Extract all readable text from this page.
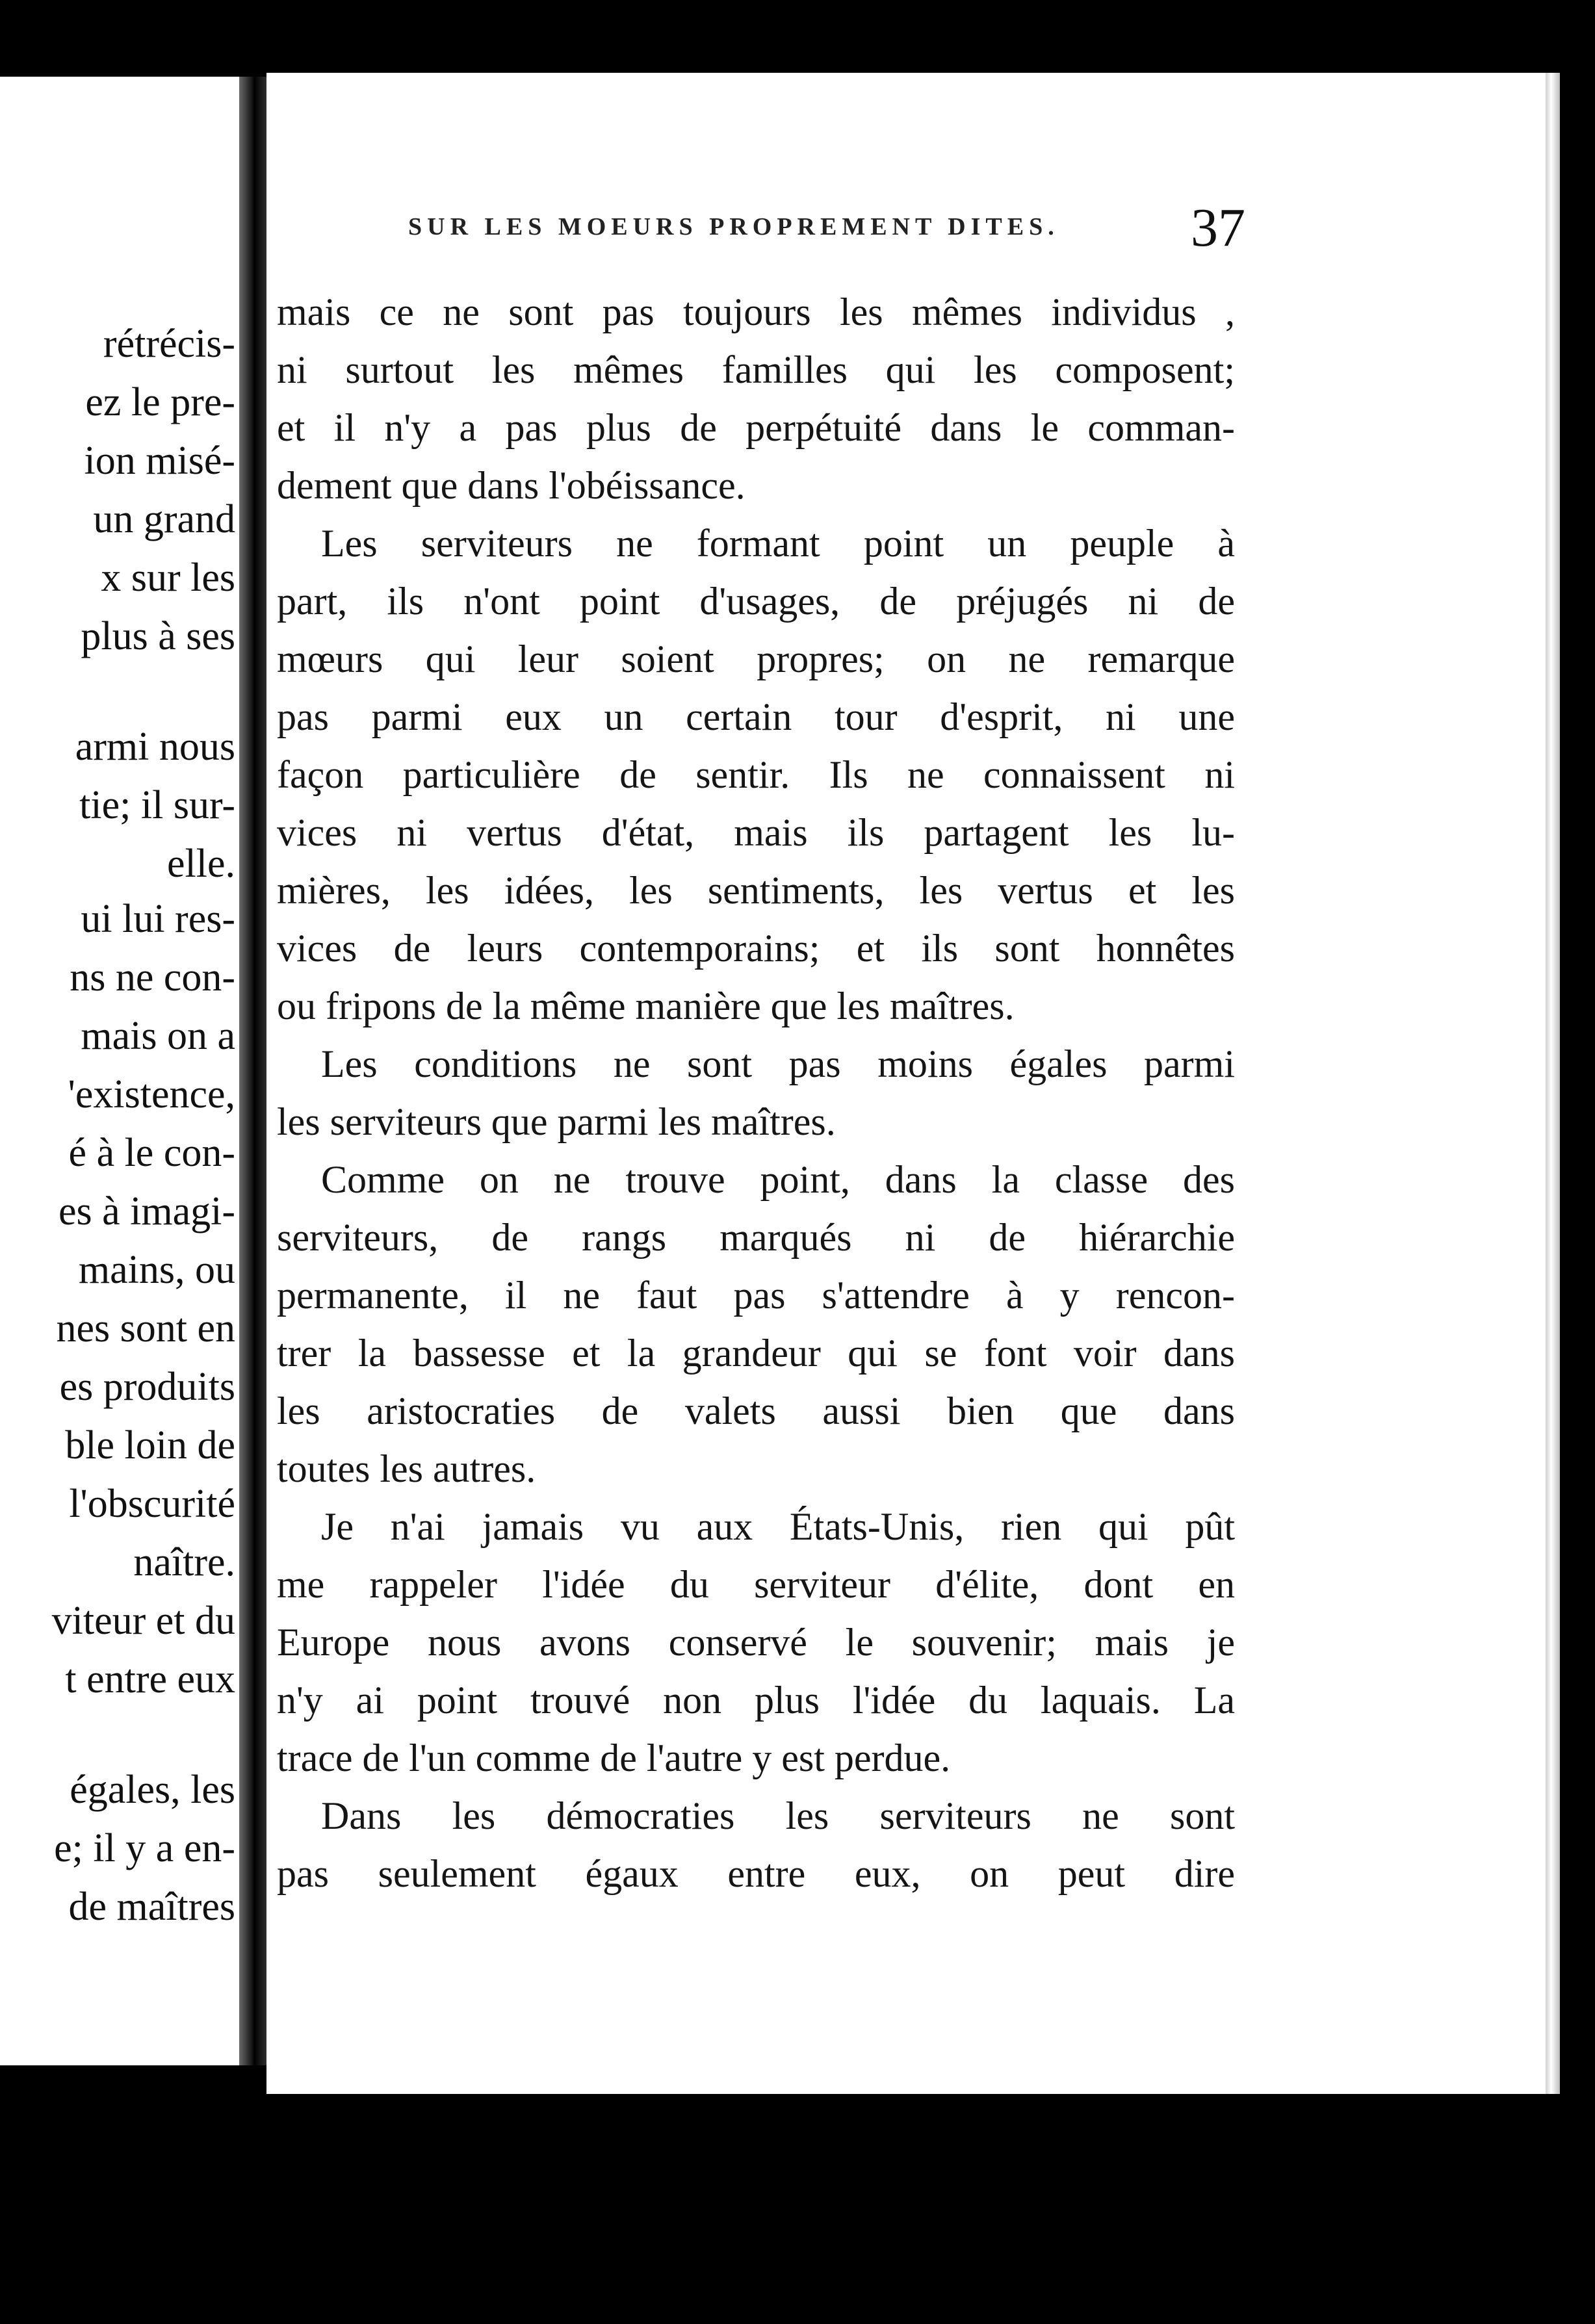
rétrécis-
ez le pre-
ion misé-
un grand
x sur les
plus à ses
armi nous
tie; il sur-
elle.
ui lui res-
ns ne con-
mais on a
'existence,
é à le con-
es à imagi-
mains, ou
nes sont en
es produits
ble loin de
l'obscurité
naître.
viteur et du
t entre eux
égales, les
e; il y a en-
de maîtres
SUR LES MOEURS PROPREMENT DITES. 37
mais ce ne sont pas toujours les mêmes individus ,
ni surtout les mêmes familles qui les composent;
et il n'y a pas plus de perpétuité dans le comman-
dement que dans l'obéissance.
Les serviteurs ne formant point un peuple à
part, ils n'ont point d'usages, de préjugés ni de
mœurs qui leur soient propres; on ne remarque
pas parmi eux un certain tour d'esprit, ni une
façon particulière de sentir. Ils ne connaissent ni
vices ni vertus d'état, mais ils partagent les lu-
mières, les idées, les sentiments, les vertus et les
vices de leurs contemporains; et ils sont honnêtes
ou fripons de la même manière que les maîtres.
Les conditions ne sont pas moins égales parmi
les serviteurs que parmi les maîtres.
Comme on ne trouve point, dans la classe des
serviteurs, de rangs marqués ni de hiérarchie
permanente, il ne faut pas s'attendre à y rencon-
trer la bassesse et la grandeur qui se font voir dans
les aristocraties de valets aussi bien que dans
toutes les autres.
Je n'ai jamais vu aux États-Unis, rien qui pût
me rappeler l'idée du serviteur d'élite, dont en
Europe nous avons conservé le souvenir; mais je
n'y ai point trouvé non plus l'idée du laquais. La
trace de l'un comme de l'autre y est perdue.
Dans les démocraties les serviteurs ne sont
pas seulement égaux entre eux, on peut dire
